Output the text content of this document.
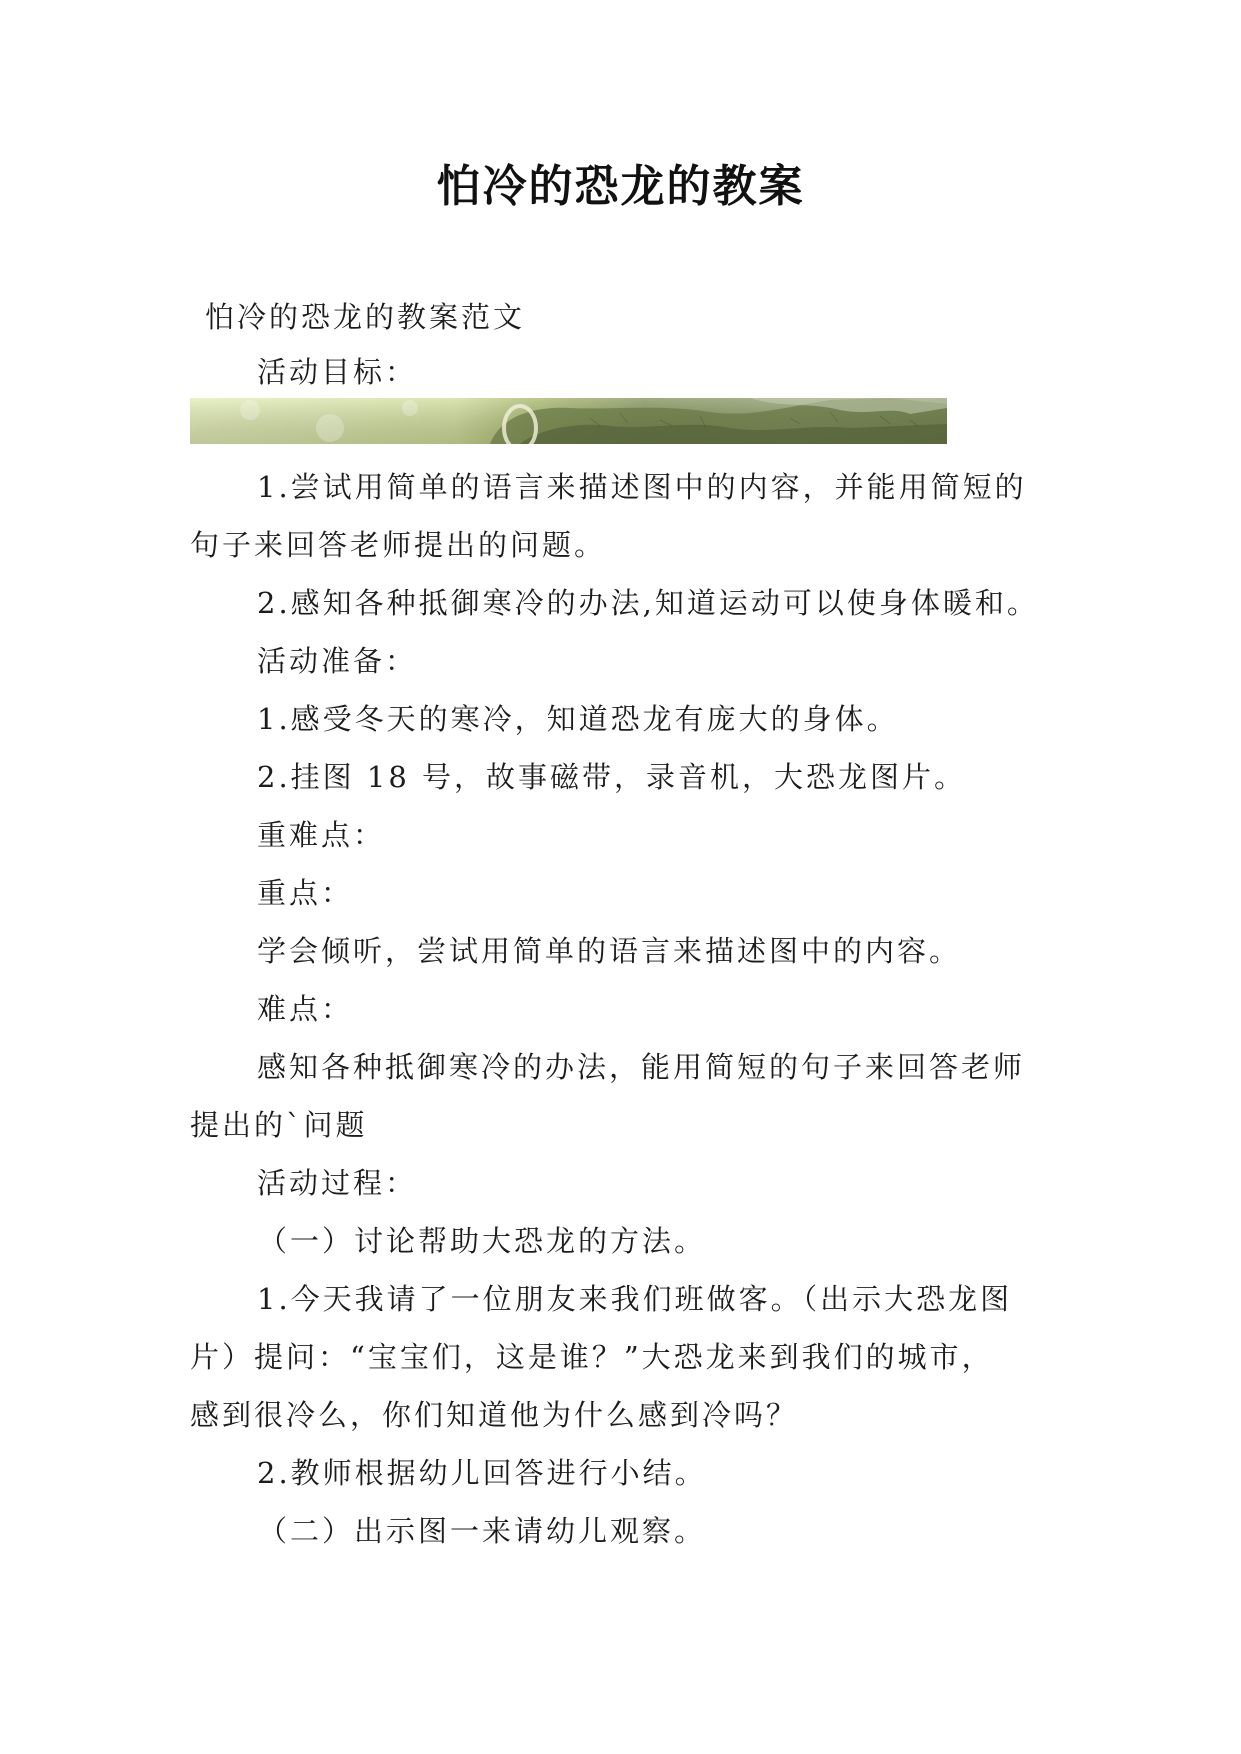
怕冷的恐龙的教案
怕冷的恐龙的教案范文
活动目标：
1.尝试用简单的语言来描述图中的内容，并能用简短的
句子来回答老师提出的问题。
2.感知各种抵御寒冷的办法,知道运动可以使身体暖和。
活动准备：
1.感受冬天的寒冷，知道恐龙有庞大的身体。
2.挂图 18 号，故事磁带，录音机，大恐龙图片。
重难点：
重点：
学会倾听，尝试用简单的语言来描述图中的内容。
难点：
感知各种抵御寒冷的办法，能用简短的句子来回答老师
提出的`问题
活动过程：
（一）讨论帮助大恐龙的方法。
1.今天我请了一位朋友来我们班做客。（出示大恐龙图
片）提问：“宝宝们，这是谁？”大恐龙来到我们的城市，
感到很冷么，你们知道他为什么感到冷吗？
2.教师根据幼儿回答进行小结。
（二）出示图一来请幼儿观察。
